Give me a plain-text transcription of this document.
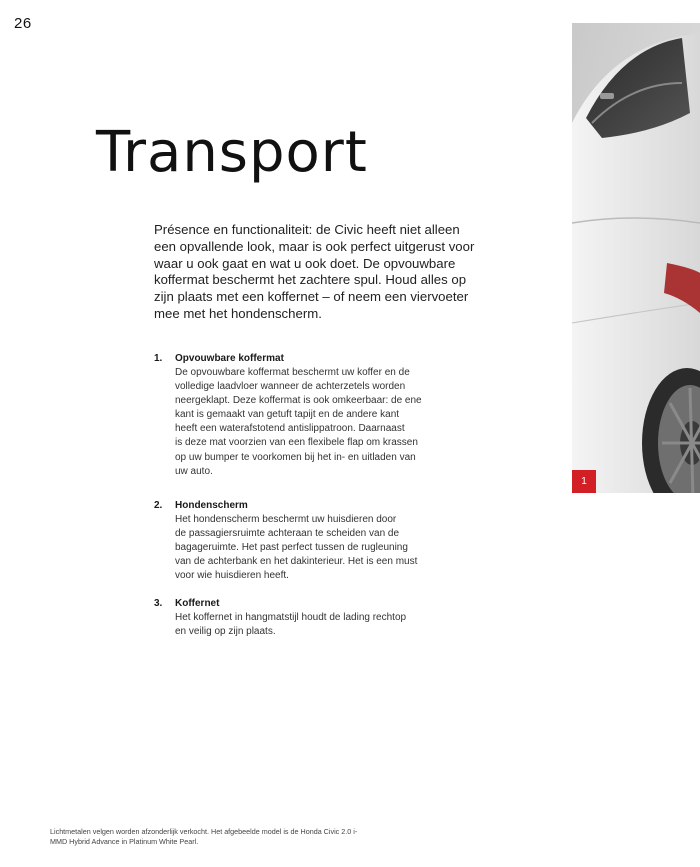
26
Transport

Présence en functionaliteit: de Civic heeft niet alleen een opvallende look, maar is ook perfect uitgerust voor waar u ook gaat en wat u ook doet. De opvouwbare koffermat beschermt het zachtere spul. Houd alles op zijn plaats met een koffernet – of neem een viervoeter mee met het hondenscherm.

1. Opvouwbare koffermat
De opvouwbare koffermat beschermt uw koffer en de
volledige laadvloer wanneer de achterzetels worden
neergeklapt. Deze koffermat is ook omkeerbaar: de ene
kant is gemaakt van getuft tapijt en de andere kant
heeft een waterafstotend antislippatroon. Daarnaast
is deze mat voorzien van een flexibele flap om krassen
op uw bumper te voorkomen bij het in- en uitladen van
uw auto.
2. Hondenscherm
Het hondenscherm beschermt uw huisdieren door
de passagiersruimte achteraan te scheiden van de
bagageruimte. Het past perfect tussen de rugleuning
van de achterbank en het dakinterieur. Het is een must
voor wie huisdieren heeft.
3. Koffernet
Het koffernet in hangmatstijl houdt de lading rechtop
en veilig op zijn plaats.
1

Lichtmetalen velgen worden afzonderlijk verkocht. Het afgebeelde model is de Honda Civic 2.0 i-MMD Hybrid Advance in Platinum White Pearl.
